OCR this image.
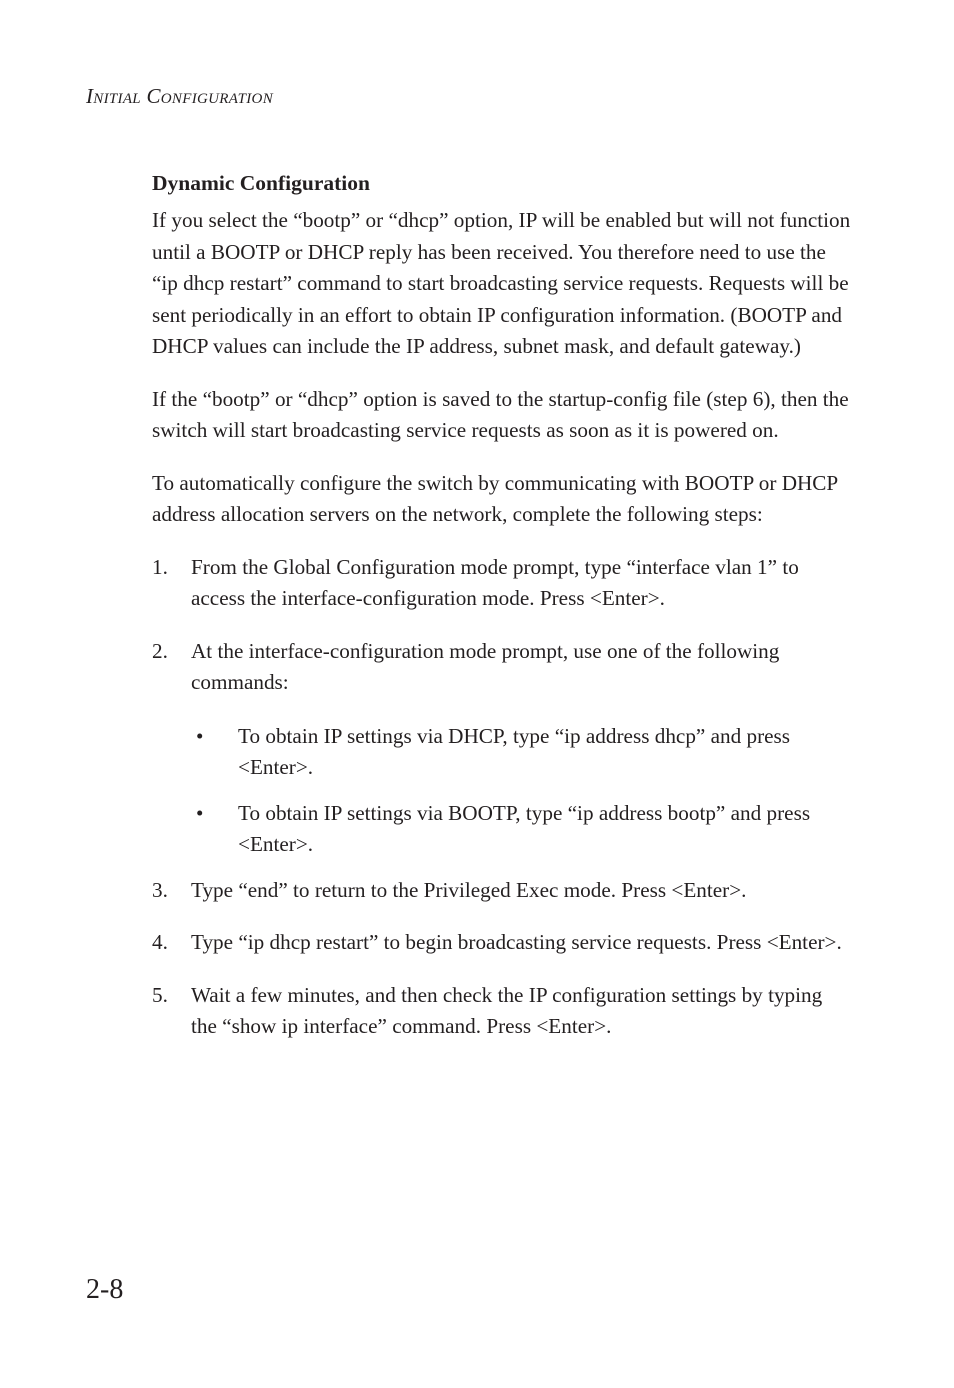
Initial Configuration
Dynamic Configuration

If you select the “bootp” or “dhcp” option, IP will be enabled but will not function until a BOOTP or DHCP reply has been received. You therefore need to use the “ip dhcp restart” command to start broadcasting service requests. Requests will be sent periodically in an effort to obtain IP configuration information. (BOOTP and DHCP values can include the IP address, subnet mask, and default gateway.)

If the “bootp” or “dhcp” option is saved to the startup-config file (step 6), then the switch will start broadcasting service requests as soon as it is powered on.

To automatically configure the switch by communicating with BOOTP or DHCP address allocation servers on the network, complete the following steps:

1. From the Global Configuration mode prompt, type “interface vlan 1” to access the interface-configuration mode. Press <Enter>.
2. At the interface-configuration mode prompt, use one of the following commands:
• To obtain IP settings via DHCP, type “ip address dhcp” and press <Enter>.
• To obtain IP settings via BOOTP, type “ip address bootp” and press <Enter>.
3. Type “end” to return to the Privileged Exec mode. Press <Enter>.
4. Type “ip dhcp restart” to begin broadcasting service requests. Press <Enter>.
5. Wait a few minutes, and then check the IP configuration settings by typing the “show ip interface” command. Press <Enter>.
2-8
